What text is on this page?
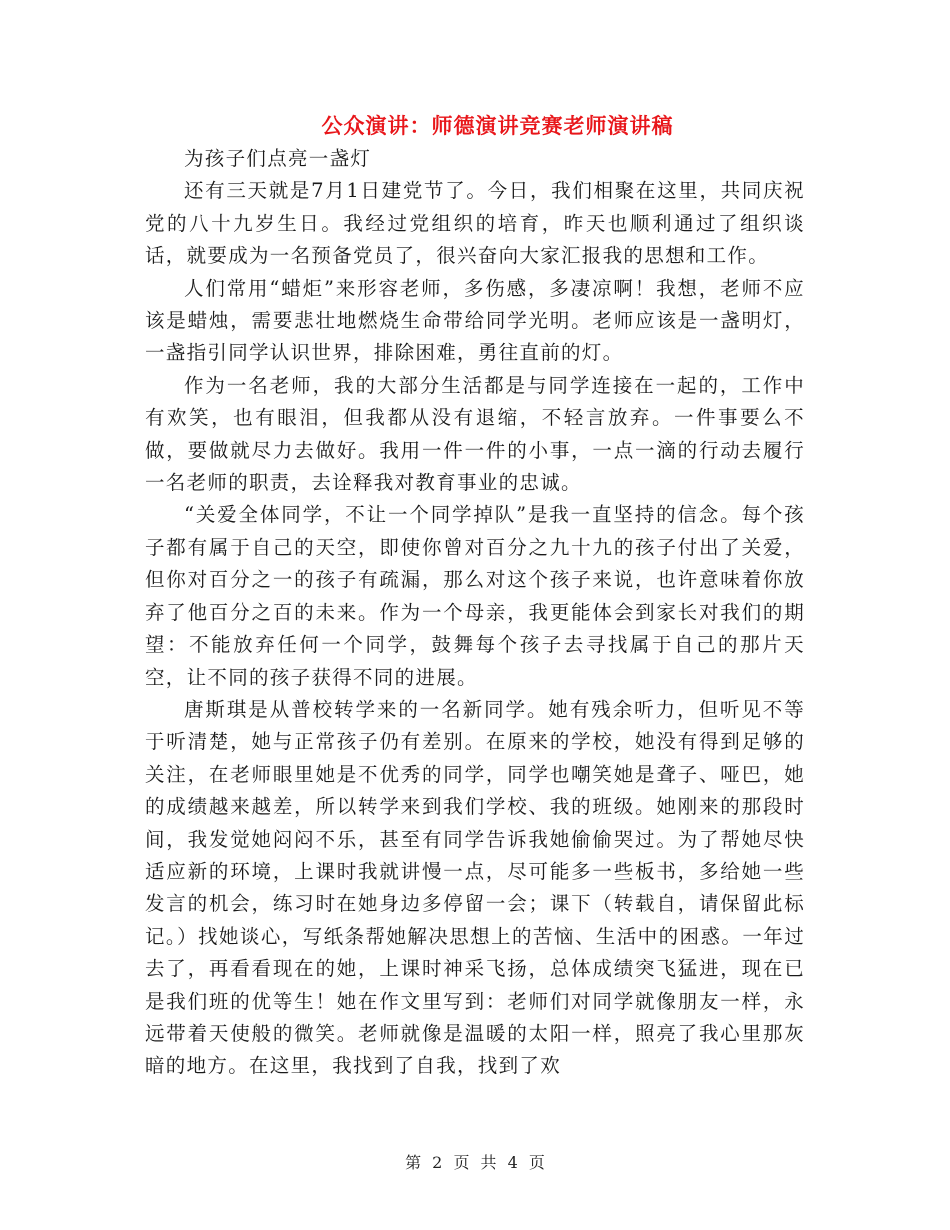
公众演讲：师德演讲竞赛老师演讲稿

为孩子们点亮一盏灯

还有三天就是7月1日建党节了。今日，我们相聚在这里，共同庆祝党的八十九岁生日。我经过党组织的培育，昨天也顺利通过了组织谈话，就要成为一名预备党员了，很兴奋向大家汇报我的思想和工作。

人们常用“蜡炬”来形容老师，多伤感，多凄凉啊！我想，老师不应该是蜡烛，需要悲壮地燃烧生命带给同学光明。老师应该是一盏明灯，一盏指引同学认识世界，排除困难，勇往直前的灯。

作为一名老师，我的大部分生活都是与同学连接在一起的，工作中有欢笑，也有眼泪，但我都从没有退缩，不轻言放弃。一件事要么不做，要做就尽力去做好。我用一件一件的小事，一点一滴的行动去履行一名老师的职责，去诠释我对教育事业的忠诚。

“关爱全体同学，不让一个同学掉队”是我一直坚持的信念。每个孩子都有属于自己的天空，即使你曾对百分之九十九的孩子付出了关爱，但你对百分之一的孩子有疏漏，那么对这个孩子来说，也许意味着你放弃了他百分之百的未来。作为一个母亲，我更能体会到家长对我们的期望：不能放弃任何一个同学，鼓舞每个孩子去寻找属于自己的那片天空，让不同的孩子获得不同的进展。

唐斯琪是从普校转学来的一名新同学。她有残余听力，但听见不等于听清楚，她与正常孩子仍有差别。在原来的学校，她没有得到足够的关注，在老师眼里她是不优秀的同学，同学也嘲笑她是聋子、哑巴，她的成绩越来越差，所以转学来到我们学校、我的班级。她刚来的那段时间，我发觉她闷闷不乐，甚至有同学告诉我她偷偷哭过。为了帮她尽快适应新的环境，上课时我就讲慢一点，尽可能多一些板书，多给她一些发言的机会，练习时在她身边多停留一会；课下（转载自，请保留此标记。）找她谈心，写纸条帮她解决思想上的苦恼、生活中的困惑。一年过去了，再看看现在的她，上课时神采飞扬，总体成绩突飞猛进，现在已是我们班的优等生！她在作文里写到：老师们对同学就像朋友一样，永远带着天使般的微笑。老师就像是温暖的太阳一样，照亮了我心里那灰暗的地方。在这里，我找到了自我，找到了欢

第 2 页 共 4 页
